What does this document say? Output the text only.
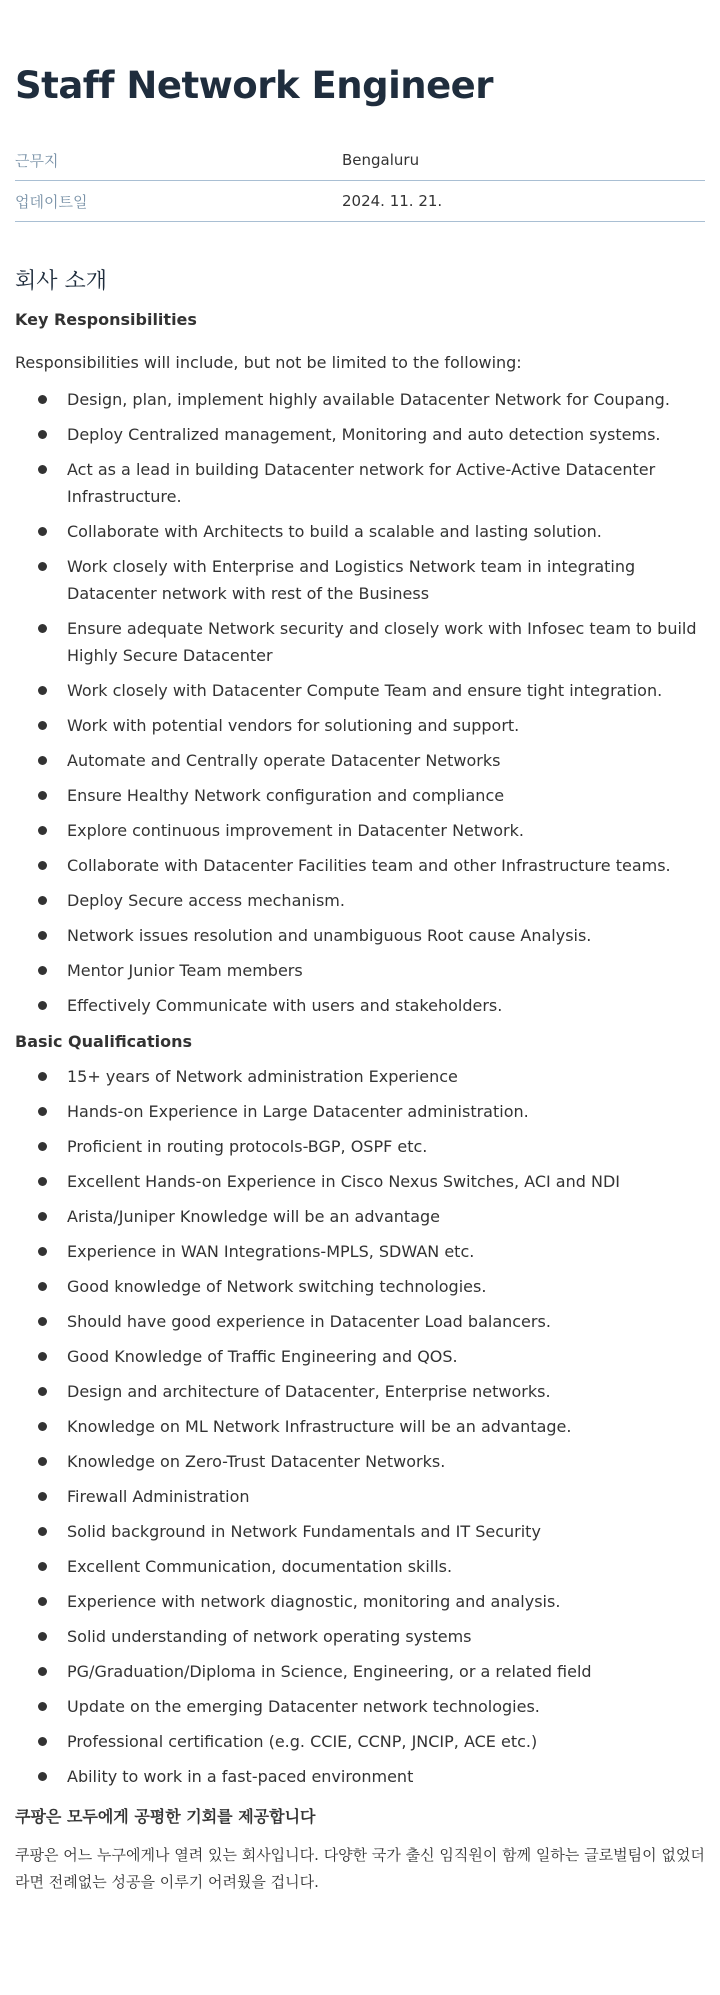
Staff Network Engineer
근무지	Bengaluru
업데이트일	2024. 11. 21.
회사 소개
Key Responsibilities

Responsibilities will include, but not be limited to the following:

Design, plan, implement highly available Datacenter Network for Coupang.
Deploy Centralized management, Monitoring and auto detection systems.
Act as a lead in building Datacenter network for Active-Active Datacenter Infrastructure.
Collaborate with Architects to build a scalable and lasting solution.
Work closely with Enterprise and Logistics Network team in integrating Datacenter network with rest of the Business
Ensure adequate Network security and closely work with Infosec team to build Highly Secure Datacenter
Work closely with Datacenter Compute Team and ensure tight integration.
Work with potential vendors for solutioning and support.
Automate and Centrally operate Datacenter Networks
Ensure Healthy Network configuration and compliance
Explore continuous improvement in Datacenter Network.
Collaborate with Datacenter Facilities team and other Infrastructure teams.
Deploy Secure access mechanism.
Network issues resolution and unambiguous Root cause Analysis.
Mentor Junior Team members
Effectively Communicate with users and stakeholders.
Basic Qualifications
15+ years of Network administration Experience
Hands-on Experience in Large Datacenter administration.
Proficient in routing protocols-BGP, OSPF etc.
Excellent Hands-on Experience in Cisco Nexus Switches, ACI and NDI
Arista/Juniper Knowledge will be an advantage
Experience in WAN Integrations-MPLS, SDWAN etc.
Good knowledge of Network switching technologies.
Should have good experience in Datacenter Load balancers.
Good Knowledge of Traffic Engineering and QOS.
Design and architecture of Datacenter, Enterprise networks.
Knowledge on ML Network Infrastructure will be an advantage.
Knowledge on Zero-Trust Datacenter Networks.
Firewall Administration
Solid background in Network Fundamentals and IT Security
Excellent Communication, documentation skills.
Experience with network diagnostic, monitoring and analysis.
Solid understanding of network operating systems
PG/Graduation/Diploma in Science, Engineering, or a related field
Update on the emerging Datacenter network technologies.
Professional certification (e.g. CCIE, CCNP, JNCIP, ACE etc.)
Ability to work in a fast-paced environment
쿠팡은 모두에게 공평한 기회를 제공합니다

쿠팡은 어느 누구에게나 열려 있는 회사입니다. 다양한 국가 출신 임직원이 함께 일하는 글로벌팀이 없었더라면 전례없는 성공을 이루기 어려웠을 겁니다.
